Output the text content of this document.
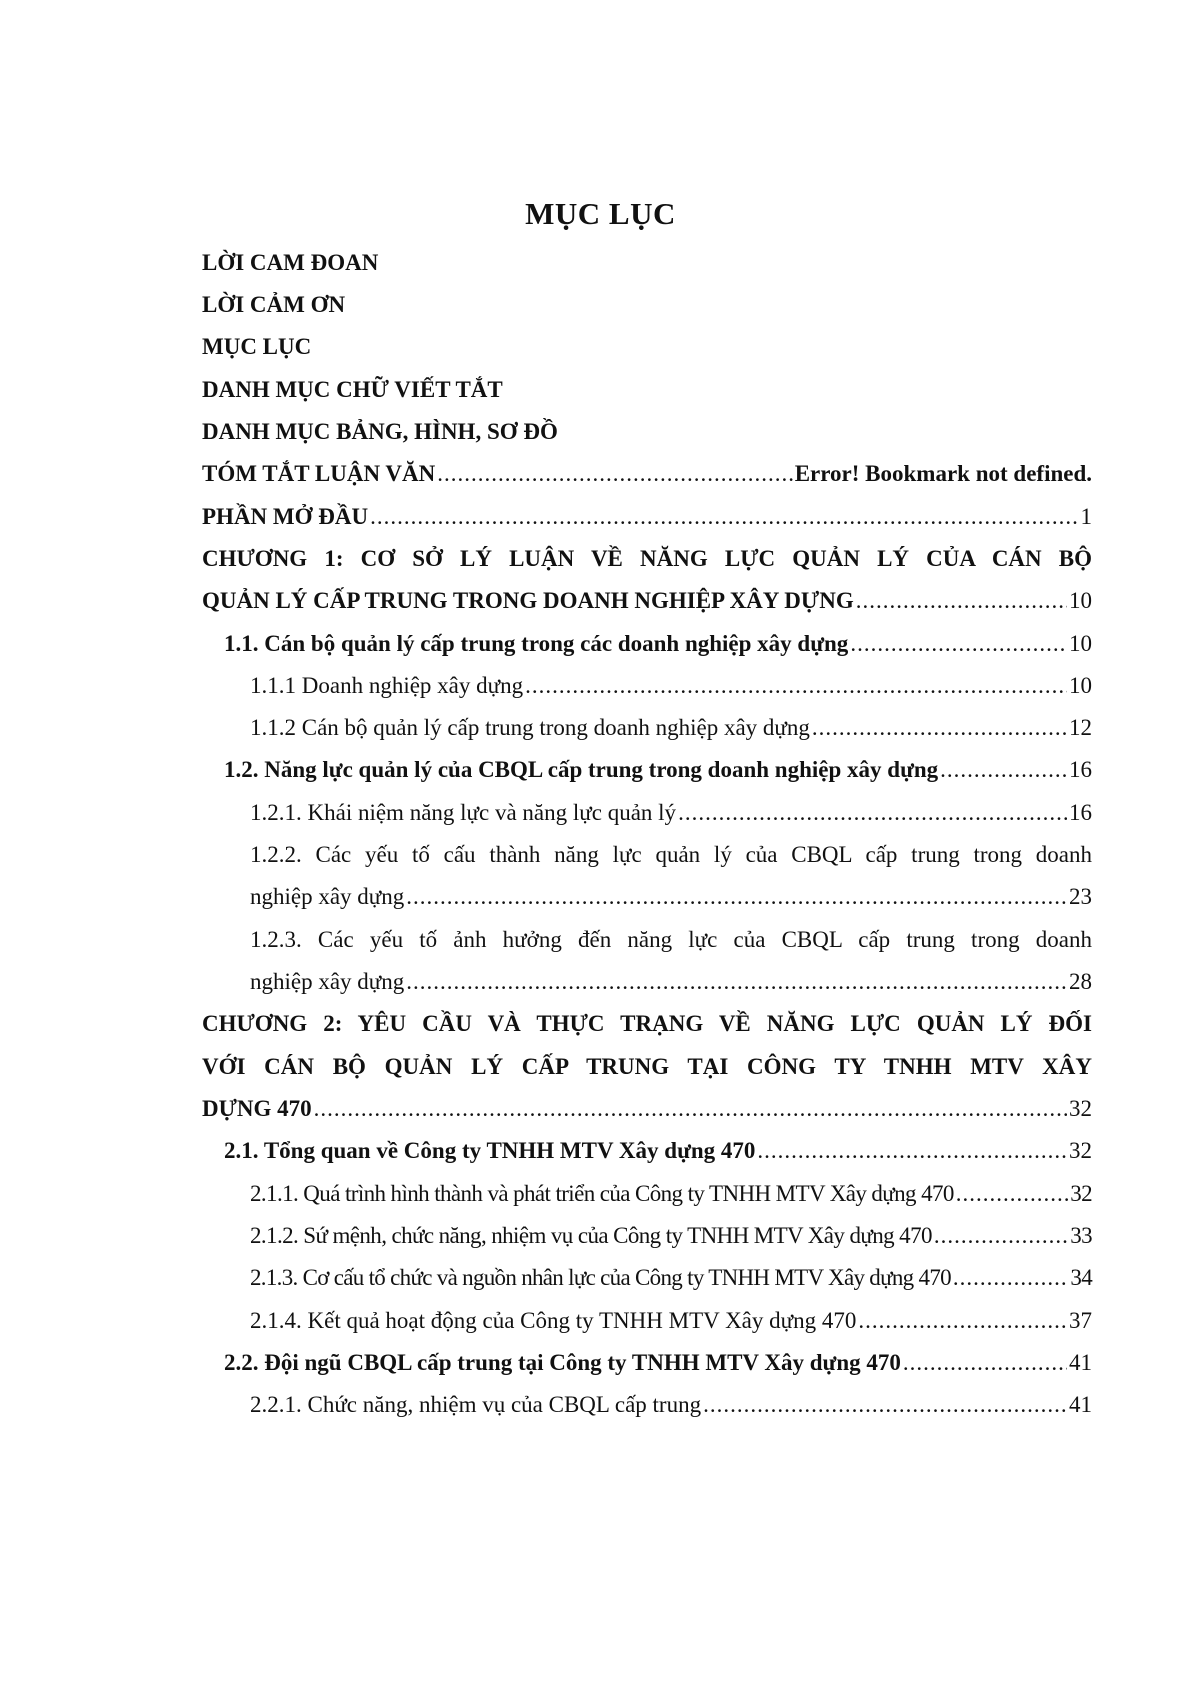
MỤC LỤC
LỜI CAM ĐOAN
LỜI CẢM ƠN
MỤC LỤC
DANH MỤC CHỮ VIẾT TẮT
DANH MỤC BẢNG, HÌNH, SƠ ĐỒ
TÓM TẮT LUẬN VĂN .....	Error! Bookmark not defined.
PHẦN MỞ ĐẦU .....	1
CHƯƠNG 1: CƠ SỞ LÝ LUẬN VỀ NĂNG LỰC QUẢN LÝ CỦA CÁN BỘ
QUẢN LÝ CẤP TRUNG TRONG DOANH NGHIỆP XÂY DỰNG .....	10
1.1. Cán bộ quản lý cấp trung trong các doanh nghiệp xây dựng .....	10
1.1.1 Doanh nghiệp xây dựng .....	10
1.1.2 Cán bộ quản lý cấp trung trong doanh nghiệp xây dựng .....	12
1.2. Năng lực quản lý của CBQL cấp trung trong doanh nghiệp xây dựng .....	16
1.2.1. Khái niệm năng lực và năng lực quản lý .....	16
1.2.2. Các yếu tố cấu thành năng lực quản lý của CBQL cấp trung trong doanh
nghiệp xây dựng .....	23
1.2.3. Các yếu tố ảnh hưởng đến năng lực của CBQL cấp trung trong doanh
nghiệp xây dựng .....	28
CHƯƠNG 2: YÊU CẦU VÀ THỰC TRẠNG VỀ NĂNG LỰC QUẢN LÝ ĐỐI
VỚI CÁN BỘ QUẢN LÝ CẤP TRUNG TẠI CÔNG TY TNHH MTV XÂY
DỰNG 470 .....	32
2.1. Tổng quan về Công ty TNHH MTV Xây dựng 470 .....	32
2.1.1. Quá trình hình thành và phát triển của Công ty TNHH MTV Xây dựng 470 .....	32
2.1.2. Sứ mệnh, chức năng, nhiệm vụ của Công ty TNHH MTV Xây dựng 470 .....	33
2.1.3. Cơ cấu tổ chức và nguồn nhân lực của Công ty TNHH MTV Xây dựng 470 .....	34
2.1.4. Kết quả hoạt động của Công ty TNHH MTV Xây dựng 470 .....	37
2.2. Đội ngũ CBQL cấp trung tại Công ty TNHH MTV Xây dựng 470 .....	41
2.2.1. Chức năng, nhiệm vụ của CBQL cấp trung .....	41
